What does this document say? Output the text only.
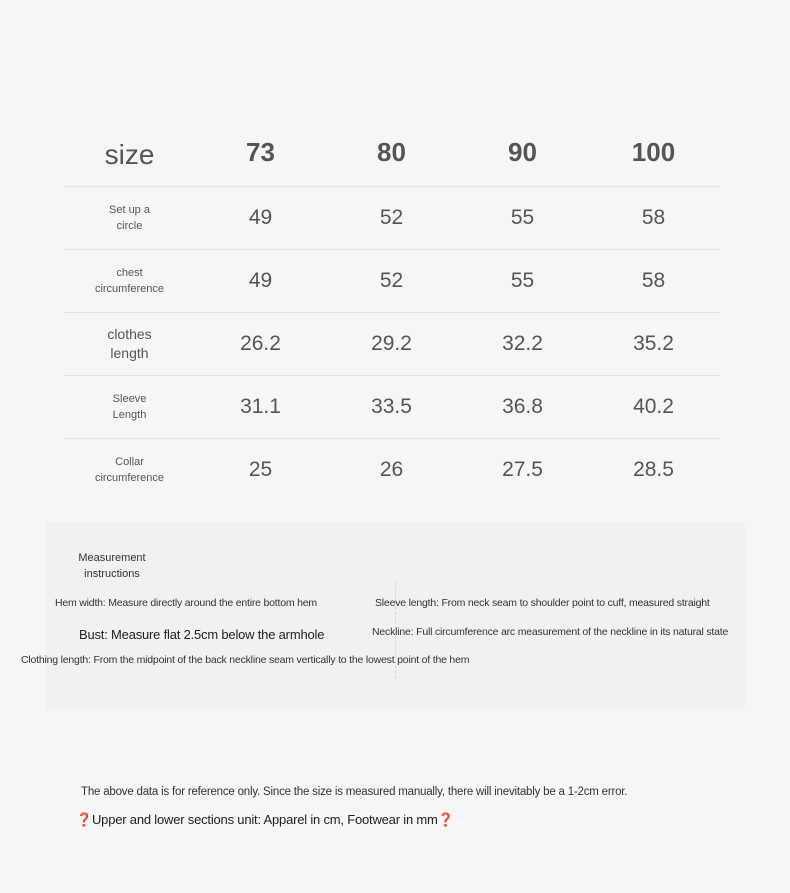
size	73	80	90	100
Set up a
circle	49	52	55	58
chest
circumference	49	52	55	58
clothes
length	26.2	29.2	32.2	35.2
Sleeve
Length	31.1	33.5	36.8	40.2
Collar
circumference	25	26	27.5	28.5
Measurement
instructions
Hem width: Measure directly around the entire bottom hem
Bust: Measure flat 2.5cm below the armhole
Clothing length: From the midpoint of the back neckline seam vertically to the lowest point of the hem
Sleeve length: From neck seam to shoulder point to cuff, measured straight
Neckline: Full circumference arc measurement of the neckline in its natural state
The above data is for reference only. Since the size is measured manually, there will inevitably be a 1-2cm error.
❓Upper and lower sections unit: Apparel in cm, Footwear in mm❓
